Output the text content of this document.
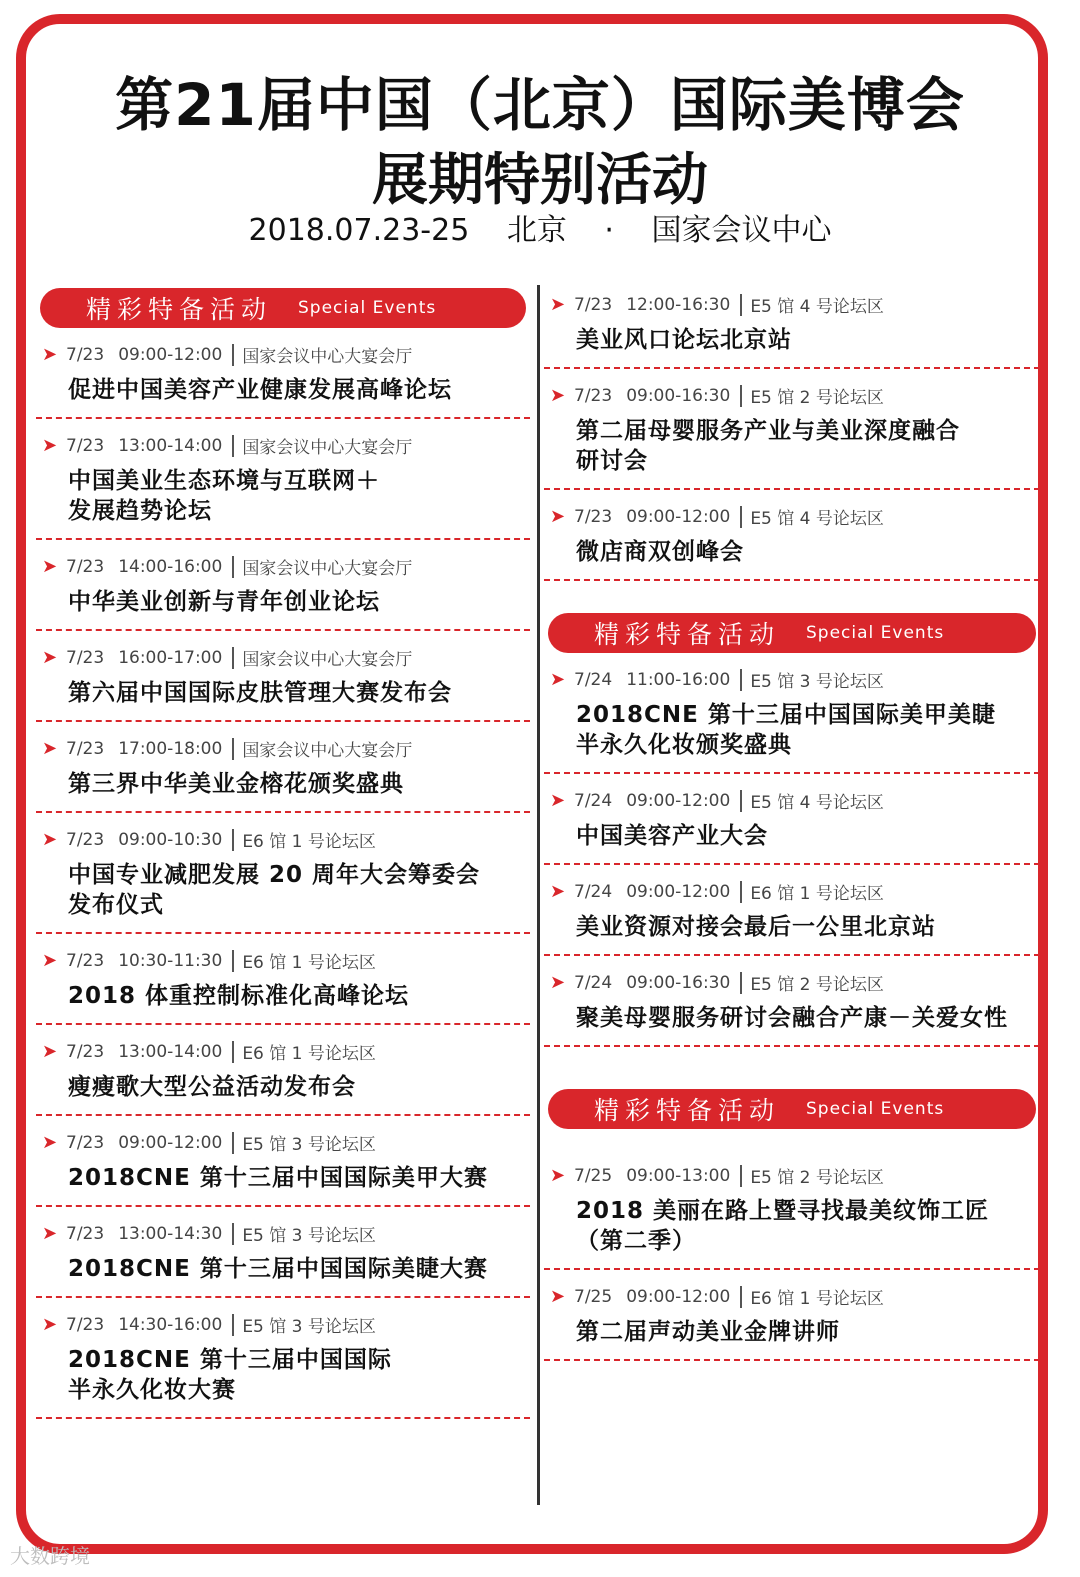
第21届中国（北京）国际美博会
展期特别活动
2018.07.23-25 北京 · 国家会议中心
精彩特备活动 Special Events
➤ 7/23 09:00-12:00 国家会议中心大宴会厅
促进中国美容产业健康发展高峰论坛
➤ 7/23 13:00-14:00 国家会议中心大宴会厅
中国美业生态环境与互联网＋
发展趋势论坛
➤ 7/23 14:00-16:00 国家会议中心大宴会厅
中华美业创新与青年创业论坛
➤ 7/23 16:00-17:00 国家会议中心大宴会厅
第六届中国国际皮肤管理大赛发布会
➤ 7/23 17:00-18:00 国家会议中心大宴会厅
第三界中华美业金榕花颁奖盛典
➤ 7/23 09:00-10:30 E6 馆 1 号论坛区
中国专业减肥发展 20 周年大会筹委会
发布仪式
➤ 7/23 10:30-11:30 E6 馆 1 号论坛区
2018 体重控制标准化高峰论坛
➤ 7/23 13:00-14:00 E6 馆 1 号论坛区
瘦瘦歌大型公益活动发布会
➤ 7/23 09:00-12:00 E5 馆 3 号论坛区
2018CNE 第十三届中国国际美甲大赛
➤ 7/23 13:00-14:30 E5 馆 3 号论坛区
2018CNE 第十三届中国国际美睫大赛
➤ 7/23 14:30-16:00 E5 馆 3 号论坛区
2018CNE 第十三届中国国际
半永久化妆大赛
➤ 7/23 12:00-16:30 E5 馆 4 号论坛区
美业风口论坛北京站
➤ 7/23 09:00-16:30 E5 馆 2 号论坛区
第二届母婴服务产业与美业深度融合
研讨会
➤ 7/23 09:00-12:00 E5 馆 4 号论坛区
微店商双创峰会
精彩特备活动 Special Events
➤ 7/24 11:00-16:00 E5 馆 3 号论坛区
2018CNE 第十三届中国国际美甲美睫
半永久化妆颁奖盛典
➤ 7/24 09:00-12:00 E5 馆 4 号论坛区
中国美容产业大会
➤ 7/24 09:00-12:00 E6 馆 1 号论坛区
美业资源对接会最后一公里北京站
➤ 7/24 09:00-16:30 E5 馆 2 号论坛区
聚美母婴服务研讨会融合产康－关爱女性
精彩特备活动 Special Events
➤ 7/25 09:00-13:00 E5 馆 2 号论坛区
2018 美丽在路上暨寻找最美纹饰工匠
（第二季）
➤ 7/25 09:00-12:00 E6 馆 1 号论坛区
第二届声动美业金牌讲师
大数跨境
